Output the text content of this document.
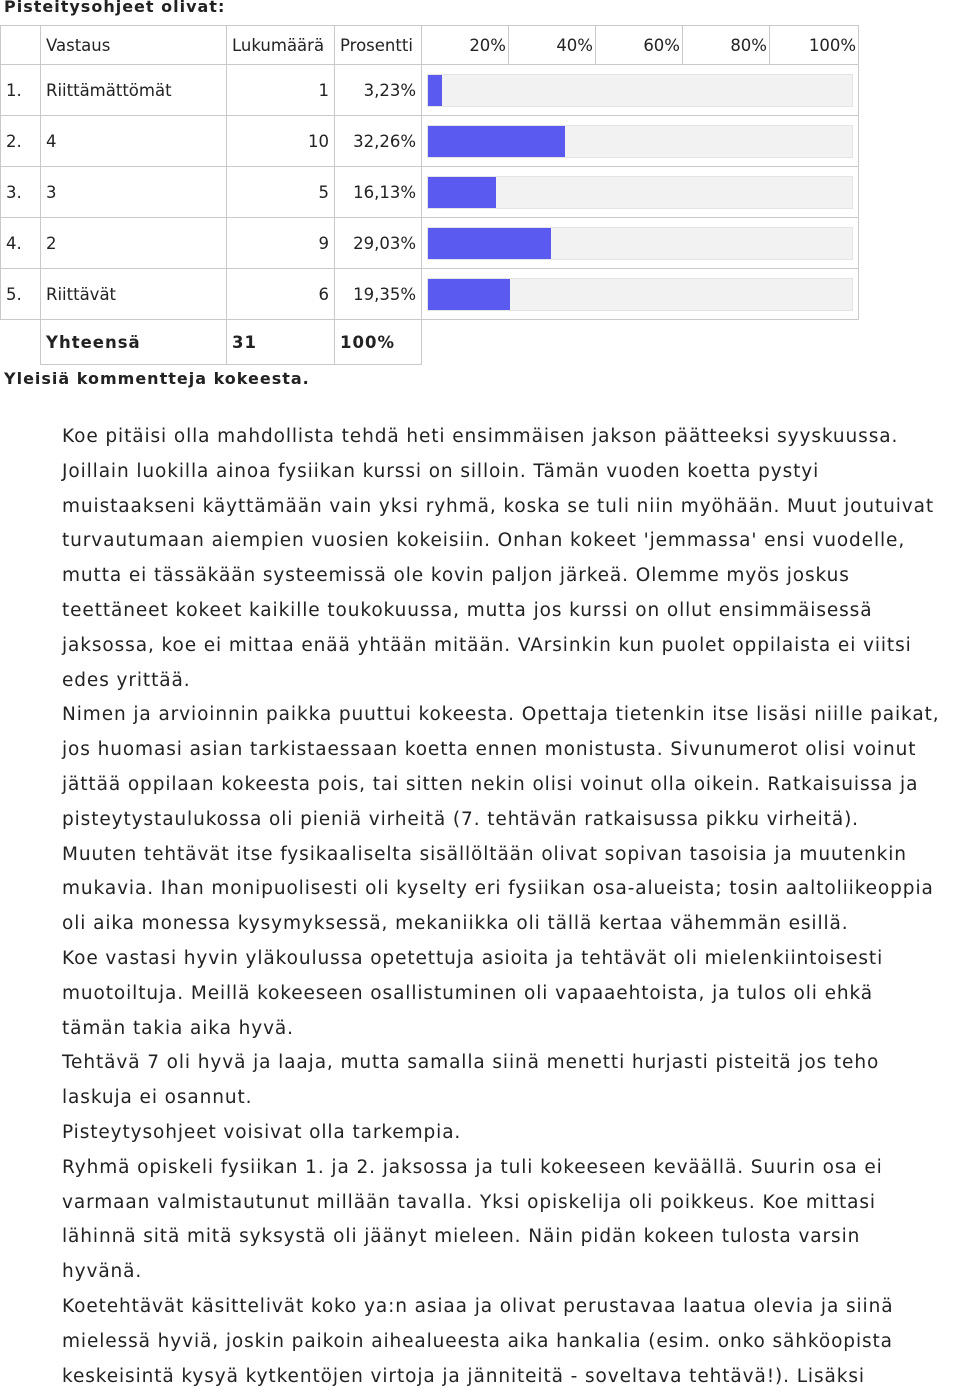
Pisteitysohjeet olivat:
	Vastaus	Lukumäärä	Prosentti	20%	40%	60%	80%	100%
1.	Riittämättömät	1	3,23%					

2.	4	10	32,26%					

3.	3	5	16,13%					

4.	2	9	29,03%					

5.	Riittävät	6	19,35%					

	Yhteensä	31	100%					
Yleisiä kommentteja kokeesta.

Koe pitäisi olla mahdollista tehdä heti ensimmäisen jakson päätteeksi syyskuussa.

Joillain luokilla ainoa fysiikan kurssi on silloin. Tämän vuoden koetta pystyi

muistaakseni käyttämään vain yksi ryhmä, koska se tuli niin myöhään. Muut joutuivat

turvautumaan aiempien vuosien kokeisiin. Onhan kokeet 'jemmassa' ensi vuodelle,

mutta ei tässäkään systeemissä ole kovin paljon järkeä. Olemme myös joskus

teettäneet kokeet kaikille toukokuussa, mutta jos kurssi on ollut ensimmäisessä

jaksossa, koe ei mittaa enää yhtään mitään. VArsinkin kun puolet oppilaista ei viitsi

edes yrittää.

Nimen ja arvioinnin paikka puuttui kokeesta. Opettaja tietenkin itse lisäsi niille paikat,

jos huomasi asian tarkistaessaan koetta ennen monistusta. Sivunumerot olisi voinut

jättää oppilaan kokeesta pois, tai sitten nekin olisi voinut olla oikein. Ratkaisuissa ja

pisteytystaulukossa oli pieniä virheitä (7. tehtävän ratkaisussa pikku virheitä).

Muuten tehtävät itse fysikaaliselta sisällöltään olivat sopivan tasoisia ja muutenkin

mukavia. Ihan monipuolisesti oli kyselty eri fysiikan osa-alueista; tosin aaltoliikeoppia

oli aika monessa kysymyksessä, mekaniikka oli tällä kertaa vähemmän esillä.

Koe vastasi hyvin yläkoulussa opetettuja asioita ja tehtävät oli mielenkiintoisesti

muotoiltuja. Meillä kokeeseen osallistuminen oli vapaaehtoista, ja tulos oli ehkä

tämän takia aika hyvä.

Tehtävä 7 oli hyvä ja laaja, mutta samalla siinä menetti hurjasti pisteitä jos teho

laskuja ei osannut.

Pisteytysohjeet voisivat olla tarkempia.

Ryhmä opiskeli fysiikan 1. ja 2. jaksossa ja tuli kokeeseen keväällä. Suurin osa ei

varmaan valmistautunut millään tavalla. Yksi opiskelija oli poikkeus. Koe mittasi

lähinnä sitä mitä syksystä oli jäänyt mieleen. Näin pidän kokeen tulosta varsin

hyvänä.

Koetehtävät käsittelivät koko ya:n asiaa ja olivat perustavaa laatua olevia ja siinä

mielessä hyviä, joskin paikoin aihealueesta aika hankalia (esim. onko sähköopista

keskeisintä kysyä kytkentöjen virtoja ja jänniteitä - soveltava tehtävä!). Lisäksi
